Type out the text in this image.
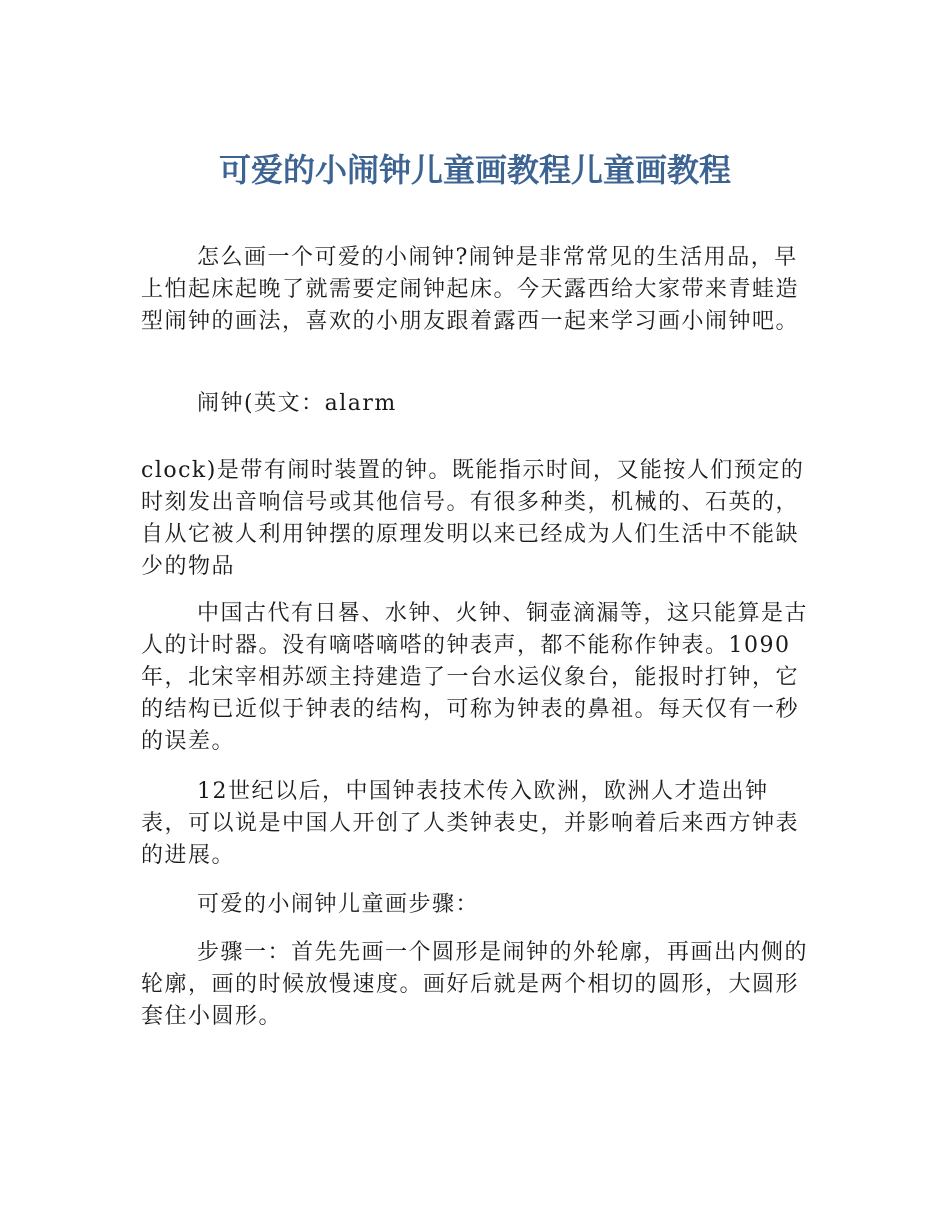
可爱的小闹钟儿童画教程儿童画教程

怎么画一个可爱的小闹钟?闹钟是非常常见的生活用品，早上怕起床起晚了就需要定闹钟起床。今天露西给大家带来青蛙造型闹钟的画法，喜欢的小朋友跟着露西一起来学习画小闹钟吧。

闹钟(英文：alarm

clock)是带有闹时装置的钟。既能指示时间，又能按人们预定的时刻发出音响信号或其他信号。有很多种类，机械的、石英的，自从它被人利用钟摆的原理发明以来已经成为人们生活中不能缺少的物品

中国古代有日晷、水钟、火钟、铜壶滴漏等，这只能算是古人的计时器。没有嘀嗒嘀嗒的钟表声，都不能称作钟表。1090年，北宋宰相苏颂主持建造了一台水运仪象台，能报时打钟，它的结构已近似于钟表的结构，可称为钟表的鼻祖。每天仅有一秒的误差。

12世纪以后，中国钟表技术传入欧洲，欧洲人才造出钟表，可以说是中国人开创了人类钟表史，并影响着后来西方钟表的进展。

可爱的小闹钟儿童画步骤：

步骤一：首先先画一个圆形是闹钟的外轮廓，再画出内侧的轮廓，画的时候放慢速度。画好后就是两个相切的圆形，大圆形套住小圆形。
